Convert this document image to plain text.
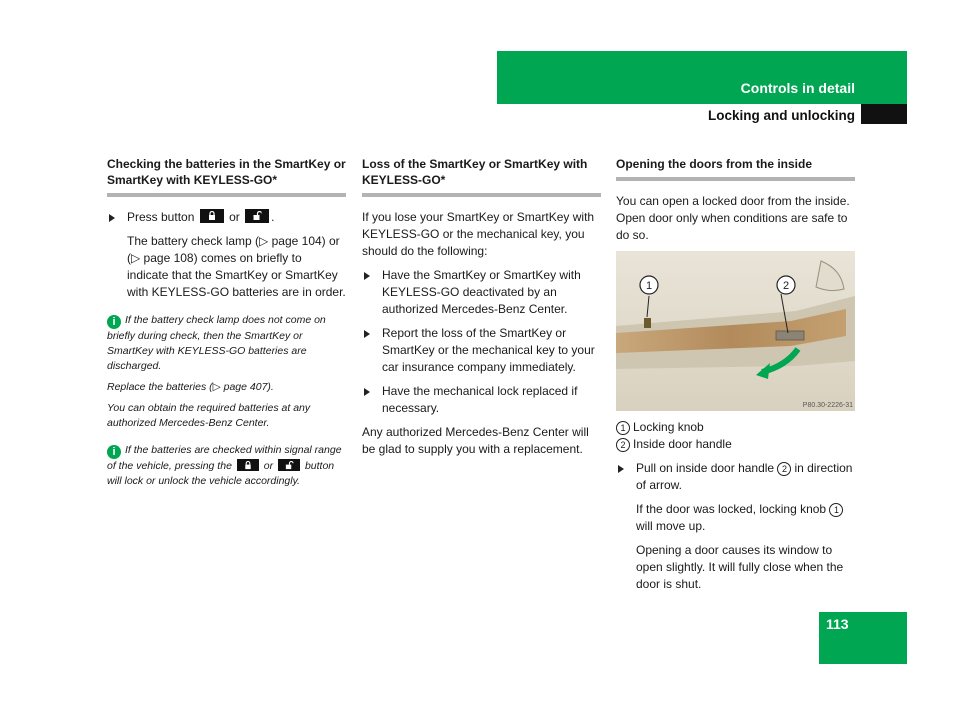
Controls in detail
Locking and unlocking
Checking the batteries in the SmartKey or SmartKey with KEYLESS-GO*
Press button	or	.
The battery check lamp (▷ page 104) or (▷ page 108) comes on briefly to indicate that the SmartKey or SmartKey with KEYLESS-GO batteries are in order.
i If the battery check lamp does not come on briefly during check, then the SmartKey or SmartKey with KEYLESS-GO batteries are discharged.
Replace the batteries (▷ page 407).
You can obtain the required batteries at any authorized Mercedes-Benz Center.
i If the batteries are checked within signal range of the vehicle, pressing the	or	button will lock or unlock the vehicle accordingly.
Loss of the SmartKey or SmartKey with KEYLESS-GO*

If you lose your SmartKey or SmartKey with KEYLESS-GO or the mechanical key, you should do the following:

Have the SmartKey or SmartKey with KEYLESS-GO deactivated by an authorized Mercedes-Benz Center.
Report the loss of the SmartKey or SmartKey or the mechanical key to your car insurance company immediately.
Have the mechanical lock replaced if necessary.

Any authorized Mercedes-Benz Center will be glad to supply you with a replacement.

Opening the doors from the inside

You can open a locked door from the inside. Open door only when conditions are safe to do so.

1	2
P80.30-2226-31
1 Locking knob
2 Inside door handle
Pull on inside door handle 2 in direction of arrow.
If the door was locked, locking knob 1will move up.
Opening a door causes its window to open slightly. It will fully close when the door is shut.
113
